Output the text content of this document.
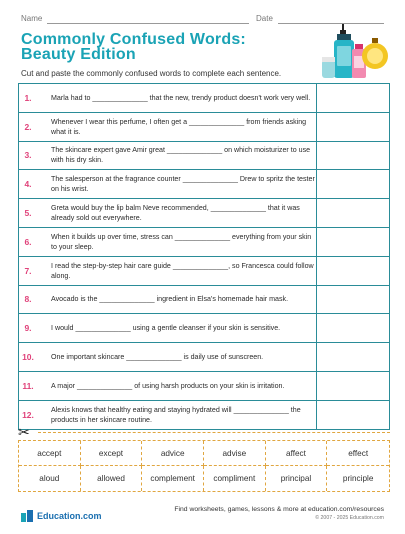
Name	Date
Commonly Confused Words:
Beauty Edition
Cut and paste the commonly confused words to complete each sentence.
1.	Marla had to ______________ that the new, trendy product doesn't work very well.
2.	Whenever I wear this perfume, I often get a ______________ from friends asking what it is.
3.	The skincare expert gave Amir great ______________ on which moisturizer to use with his dry skin.
4.	The salesperson at the fragrance counter ______________ Drew to spritz the tester on his wrist.
5.	Greta would buy the lip balm Neve recommended, ______________ that it was already sold out everywhere.
6.	When it builds up over time, stress can ______________ everything from your skin to your sleep.
7.	I read the step-by-step hair care guide ______________, so Francesca could follow along.
8.	Avocado is the ______________ ingredient in Elsa's homemade hair mask.
9.	I would ______________ using a gentle cleanser if your skin is sensitive.
10.	One important skincare ______________ is daily use of sunscreen.
11.	A major ______________ of using harsh products on your skin is irritation.
12.	Alexis knows that healthy eating and staying hydrated will ______________ the products in her skincare routine.
✂
accept	except	advice	advise	affect	effect
aloud	allowed	complement	compliment	principal	principle
Education.com
Find worksheets, games, lessons & more at education.com/resources
© 2007 - 2025 Education.com
